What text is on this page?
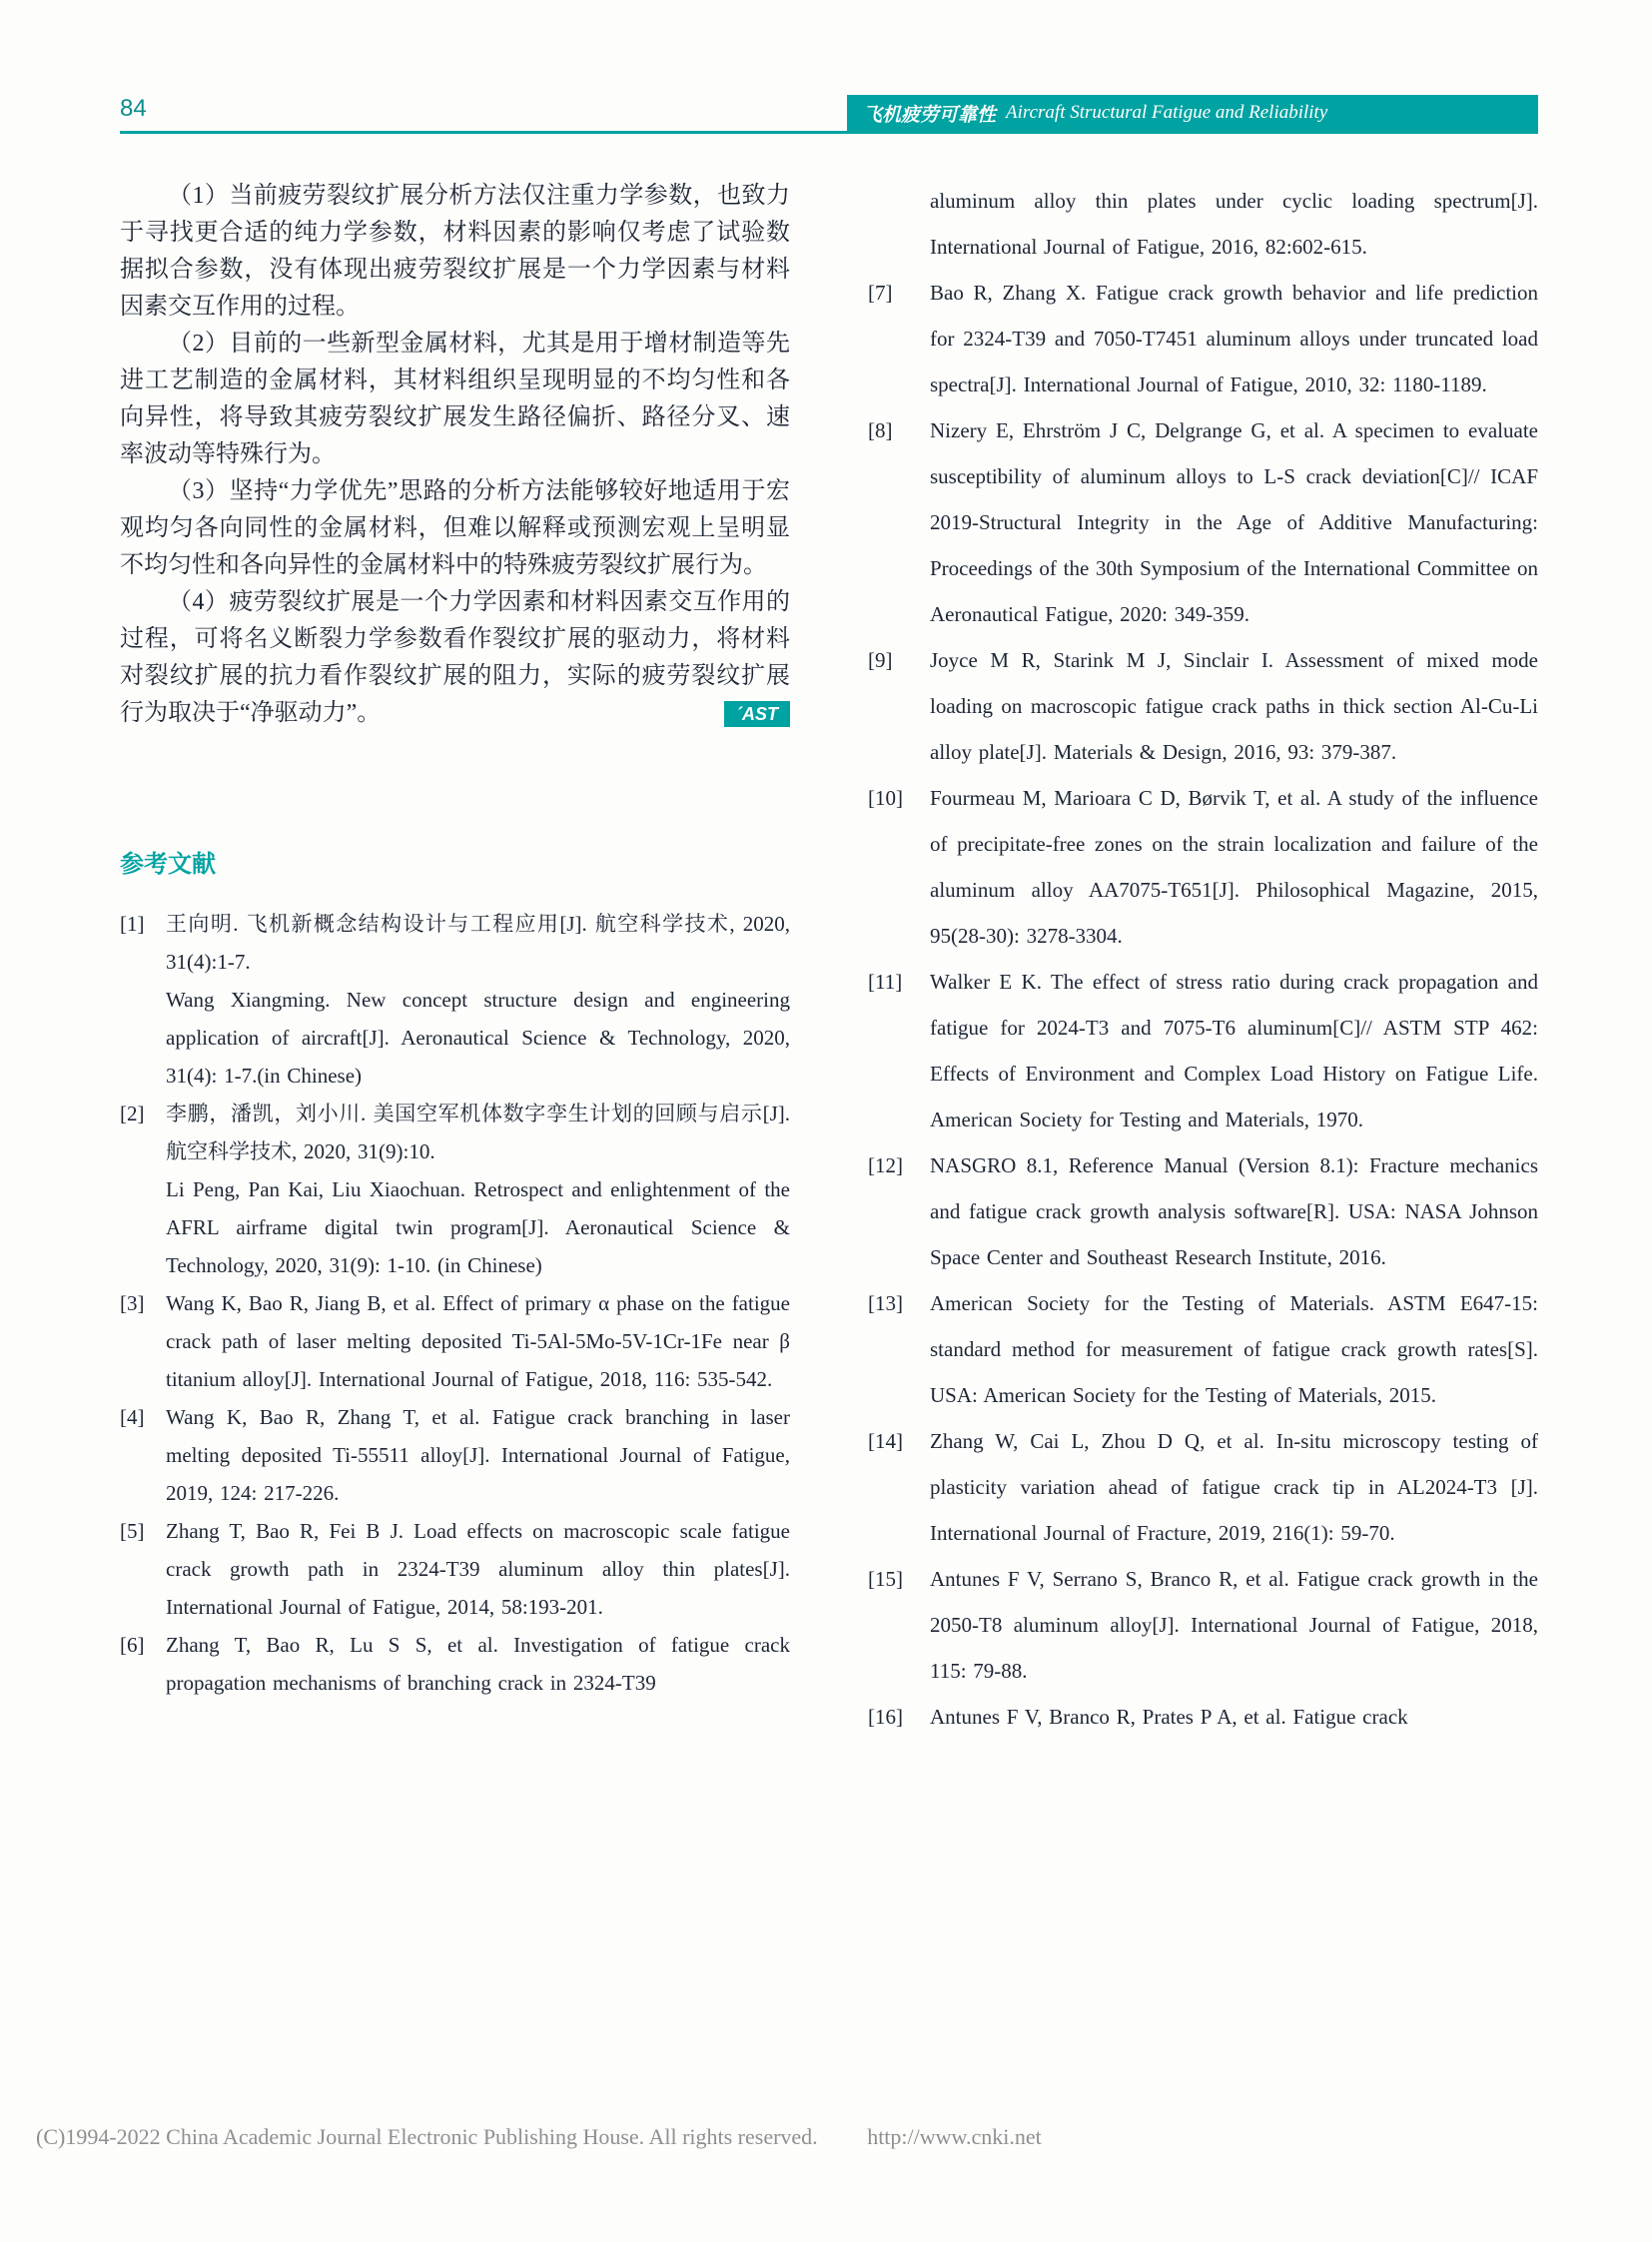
84	飞机疲劳可靠性 Aircraft Structural Fatigue and Reliability

（1）当前疲劳裂纹扩展分析方法仅注重力学参数，也致力于寻找更合适的纯力学参数，材料因素的影响仅考虑了试验数据拟合参数，没有体现出疲劳裂纹扩展是一个力学因素与材料因素交互作用的过程。

（2）目前的一些新型金属材料，尤其是用于增材制造等先进工艺制造的金属材料，其材料组织呈现明显的不均匀性和各向异性，将导致其疲劳裂纹扩展发生路径偏折、路径分叉、速率波动等特殊行为。

（3）坚持“力学优先”思路的分析方法能够较好地适用于宏观均匀各向同性的金属材料，但难以解释或预测宏观上呈明显不均匀性和各向异性的金属材料中的特殊疲劳裂纹扩展行为。

（4）疲劳裂纹扩展是一个力学因素和材料因素交互作用的过程，可将名义断裂力学参数看作裂纹扩展的驱动力，将材料对裂纹扩展的抗力看作裂纹扩展的阻力，实际的疲劳裂纹扩展行为取决于“净驱动力”。	´AST

参考文献
[1]	王向明. 飞机新概念结构设计与工程应用[J]. 航空科学技术, 2020, 31(4):1-7.
Wang Xiangming. New concept structure design and engineering application of aircraft[J]. Aeronautical Science & Technology, 2020, 31(4): 1-7.(in Chinese)
[2]	李鹏，潘凯，刘小川. 美国空军机体数字孪生计划的回顾与启示[J]. 航空科学技术, 2020, 31(9):10.
Li Peng, Pan Kai, Liu Xiaochuan. Retrospect and enlightenment of the AFRL airframe digital twin program[J]. Aeronautical Science & Technology, 2020, 31(9): 1-10. (in Chinese)
[3]	Wang K, Bao R, Jiang B, et al. Effect of primary α phase on the fatigue crack path of laser melting deposited Ti-5Al-5Mo-5V-1Cr-1Fe near β titanium alloy[J]. International Journal of Fatigue, 2018, 116: 535-542.
[4]	Wang K, Bao R, Zhang T, et al. Fatigue crack branching in laser melting deposited Ti-55511 alloy[J]. International Journal of Fatigue, 2019, 124: 217-226.
[5]	Zhang T, Bao R, Fei B J. Load effects on macroscopic scale fatigue crack growth path in 2324-T39 aluminum alloy thin plates[J]. International Journal of Fatigue, 2014, 58:193-201.
[6]	Zhang T, Bao R, Lu S S, et al. Investigation of fatigue crack propagation mechanisms of branching crack in 2324-T39
aluminum alloy thin plates under cyclic loading spectrum[J]. International Journal of Fatigue, 2016, 82:602-615.
[7]	Bao R, Zhang X. Fatigue crack growth behavior and life prediction for 2324-T39 and 7050-T7451 aluminum alloys under truncated load spectra[J]. International Journal of Fatigue, 2010, 32: 1180-1189.
[8]	Nizery E, Ehrström J C, Delgrange G, et al. A specimen to evaluate susceptibility of aluminum alloys to L-S crack deviation[C]// ICAF 2019-Structural Integrity in the Age of Additive Manufacturing: Proceedings of the 30th Symposium of the International Committee on Aeronautical Fatigue, 2020: 349-359.
[9]	Joyce M R, Starink M J, Sinclair I. Assessment of mixed mode loading on macroscopic fatigue crack paths in thick section Al-Cu-Li alloy plate[J]. Materials & Design, 2016, 93: 379-387.
[10]	Fourmeau M, Marioara C D, Børvik T, et al. A study of the influence of precipitate-free zones on the strain localization and failure of the aluminum alloy AA7075-T651[J]. Philosophical Magazine, 2015, 95(28-30): 3278-3304.
[11]	Walker E K. The effect of stress ratio during crack propagation and fatigue for 2024-T3 and 7075-T6 aluminum[C]// ASTM STP 462: Effects of Environment and Complex Load History on Fatigue Life. American Society for Testing and Materials, 1970.
[12]	NASGRO 8.1, Reference Manual (Version 8.1): Fracture mechanics and fatigue crack growth analysis software[R]. USA: NASA Johnson Space Center and Southeast Research Institute, 2016.
[13]	American Society for the Testing of Materials. ASTM E647-15: standard method for measurement of fatigue crack growth rates[S]. USA: American Society for the Testing of Materials, 2015.
[14]	Zhang W, Cai L, Zhou D Q, et al. In-situ microscopy testing of plasticity variation ahead of fatigue crack tip in AL2024-T3 [J]. International Journal of Fracture, 2019, 216(1): 59-70.
[15]	Antunes F V, Serrano S, Branco R, et al. Fatigue crack growth in the 2050-T8 aluminum alloy[J]. International Journal of Fatigue, 2018, 115: 79-88.
[16]	Antunes F V, Branco R, Prates P A, et al. Fatigue crack
(C)1994-2022 China Academic Journal Electronic Publishing House. All rights reserved. http://www.cnki.net
